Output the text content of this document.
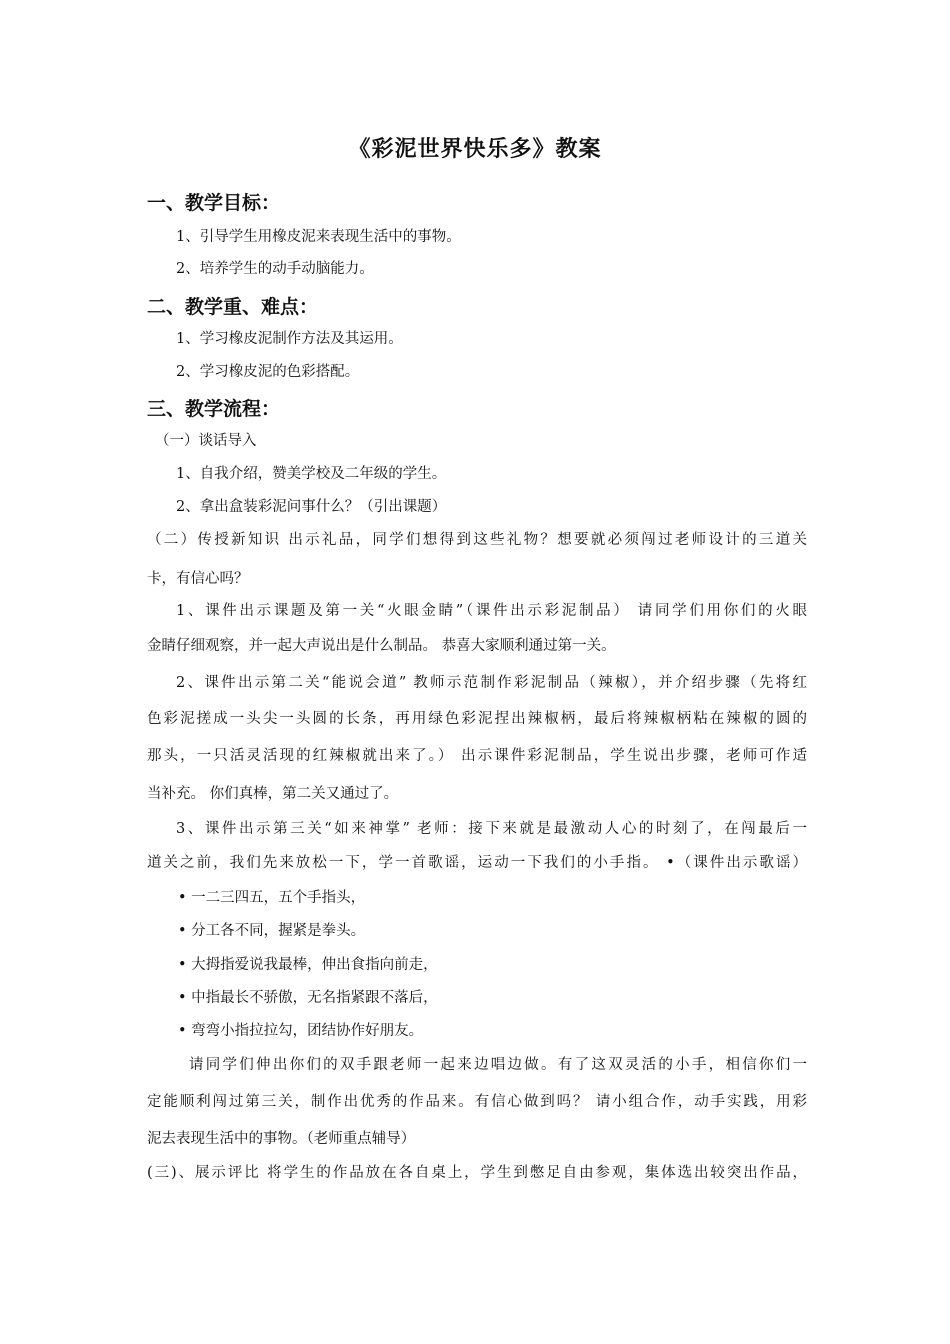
《彩泥世界快乐多》教案
一、教学目标：
1、引导学生用橡皮泥来表现生活中的事物。
2、培养学生的动手动脑能力。
二、教学重、难点：
1、学习橡皮泥制作方法及其运用。
2、学习橡皮泥的色彩搭配。
三、教学流程：
（一）谈话导入
1、自我介绍，赞美学校及二年级的学生。
2、拿出盒装彩泥问事什么？（引出课题）
（二）传授新知识 出示礼品，同学们想得到这些礼物？想要就必须闯过老师设计的三道关
卡，有信心吗？
1、课件出示课题及第一关“火眼金睛”（课件出示彩泥制品） 请同学们用你们的火眼
金睛仔细观察，并一起大声说出是什么制品。 恭喜大家顺利通过第一关。
2、课件出示第二关“能说会道” 教师示范制作彩泥制品（辣椒），并介绍步骤（先将红
色彩泥搓成一头尖一头圆的长条，再用绿色彩泥捏出辣椒柄，最后将辣椒柄粘在辣椒的圆的
那头，一只活灵活现的红辣椒就出来了。） 出示课件彩泥制品，学生说出步骤，老师可作适
当补充。 你们真棒，第二关又通过了。
3、课件出示第三关“如来神掌” 老师：接下来就是最激动人心的时刻了，在闯最后一
道关之前，我们先来放松一下，学一首歌谣，运动一下我们的小手指。 •（课件出示歌谣）
• 一二三四五，五个手指头，
• 分工各不同，握紧是拳头。
• 大拇指爱说我最棒，伸出食指向前走，
• 中指最长不骄傲，无名指紧跟不落后，
• 弯弯小指拉拉勾，团结协作好朋友。
请同学们伸出你们的双手跟老师一起来边唱边做。有了这双灵活的小手，相信你们一
定能顺利闯过第三关，制作出优秀的作品来。有信心做到吗？ 请小组合作，动手实践，用彩
泥去表现生活中的事物。（老师重点辅导）
(三)、展示评比 将学生的作品放在各自桌上，学生到憋足自由参观，集体选出较突出作品，
